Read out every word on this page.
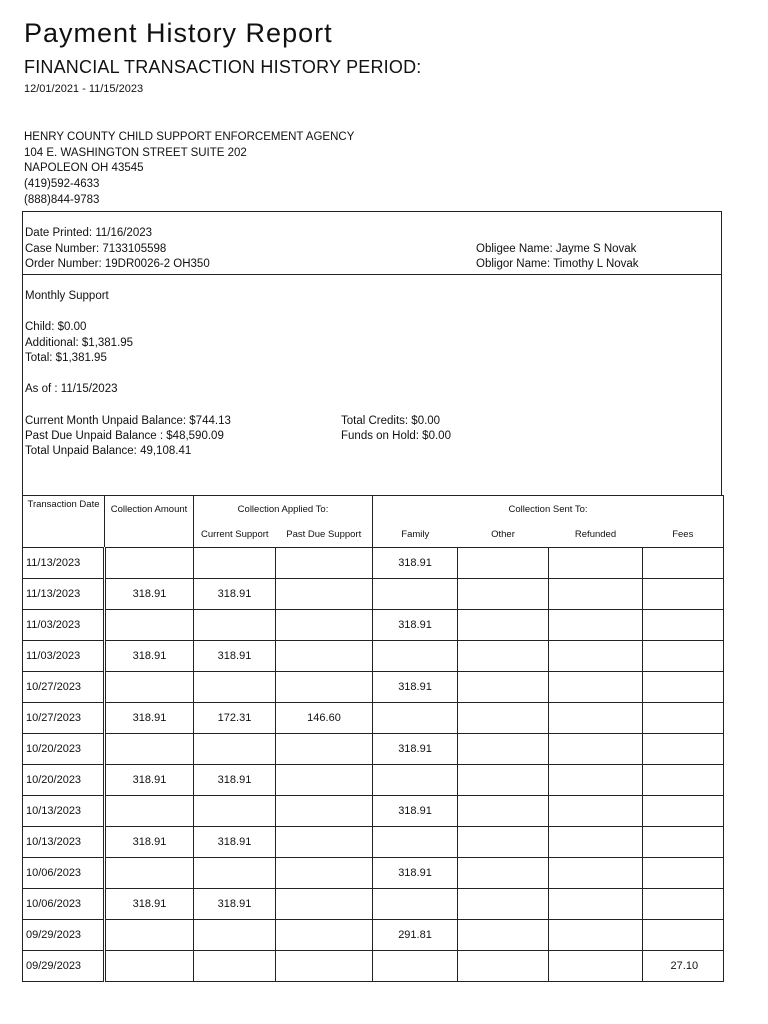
Payment History Report
FINANCIAL TRANSACTION HISTORY PERIOD:
12/01/2021 - 11/15/2023
HENRY COUNTY CHILD SUPPORT ENFORCEMENT AGENCY
104 E. WASHINGTON STREET SUITE 202
NAPOLEON OH 43545
(419)592-4633
(888)844-9783
Date Printed: 11/16/2023
Case Number: 7133105598
Order Number: 19DR0026-2 OH350
Obligee Name: Jayme S Novak
Obligor Name: Timothy L Novak
Monthly Support
Child: $0.00
Additional: $1,381.95
Total: $1,381.95
As of : 11/15/2023
Current Month Unpaid Balance: $744.13
Past Due Unpaid Balance : $48,590.09
Total Unpaid Balance: 49,108.41
Total Credits: $0.00
Funds on Hold: $0.00
Transaction Date	Collection Amount	Collection Applied To:		Collection Sent To:			
		Current Support	Past Due Support	Family	Other	Refunded	Fees
11/13/2023				318.91			
11/13/2023	318.91	318.91					
11/03/2023				318.91			
11/03/2023	318.91	318.91					
10/27/2023				318.91			
10/27/2023	318.91	172.31	146.60				
10/20/2023				318.91			
10/20/2023	318.91	318.91					
10/13/2023				318.91			
10/13/2023	318.91	318.91					
10/06/2023				318.91			
10/06/2023	318.91	318.91					
09/29/2023				291.81			
09/29/2023							27.10
